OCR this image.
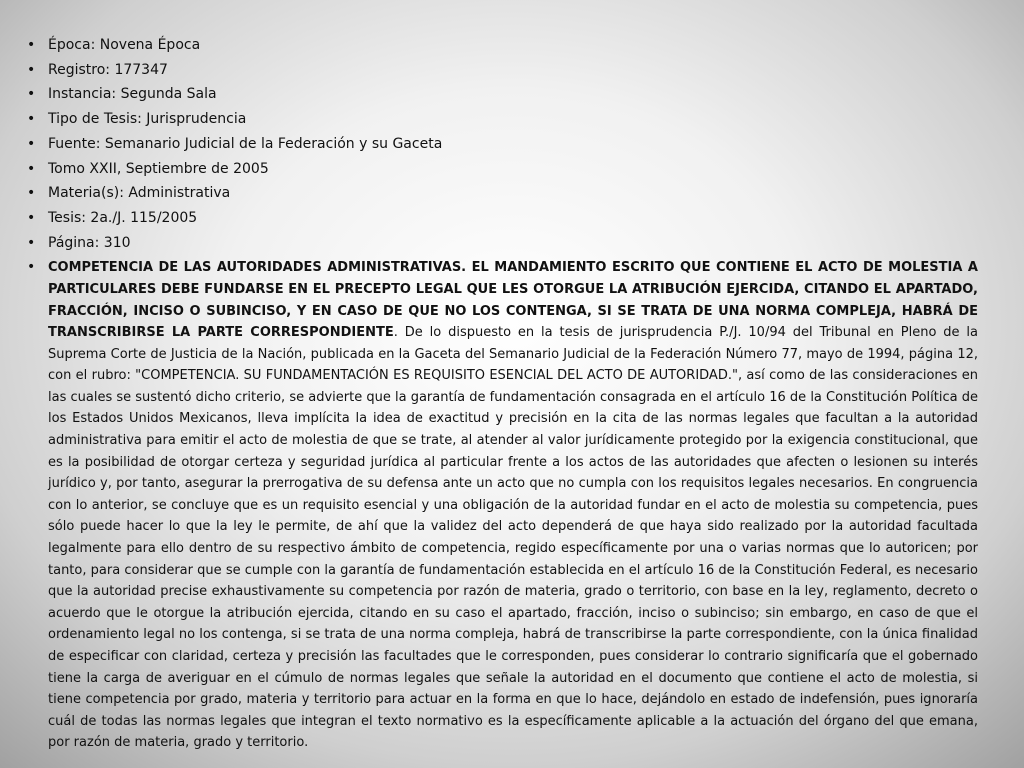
• Época: Novena Época
• Registro: 177347
• Instancia: Segunda Sala
• Tipo de Tesis: Jurisprudencia
• Fuente: Semanario Judicial de la Federación y su Gaceta
• Tomo XXII, Septiembre de 2005
• Materia(s): Administrativa
• Tesis: 2a./J. 115/2005
• Página: 310
• COMPETENCIA DE LAS AUTORIDADES ADMINISTRATIVAS. EL MANDAMIENTO ESCRITO QUE CONTIENE EL ACTO DE MOLESTIA A PARTICULARES DEBE FUNDARSE EN EL PRECEPTO LEGAL QUE LES OTORGUE LA ATRIBUCIÓN EJERCIDA, CITANDO EL APARTADO, FRACCIÓN, INCISO O SUBINCISO, Y EN CASO DE QUE NO LOS CONTENGA, SI SE TRATA DE UNA NORMA COMPLEJA, HABRÁ DE TRANSCRIBIRSE LA PARTE CORRESPONDIENTE. De lo dispuesto en la tesis de jurisprudencia P./J. 10/94 del Tribunal en Pleno de la Suprema Corte de Justicia de la Nación, publicada en la Gaceta del Semanario Judicial de la Federación Número 77, mayo de 1994, página 12, con el rubro: "COMPETENCIA. SU FUNDAMENTACIÓN ES REQUISITO ESENCIAL DEL ACTO DE AUTORIDAD.", así como de las consideraciones en las cuales se sustentó dicho criterio, se advierte que la garantía de fundamentación consagrada en el artículo 16 de la Constitución Política de los Estados Unidos Mexicanos, lleva implícita la idea de exactitud y precisión en la cita de las normas legales que facultan a la autoridad administrativa para emitir el acto de molestia de que se trate, al atender al valor jurídicamente protegido por la exigencia constitucional, que es la posibilidad de otorgar certeza y seguridad jurídica al particular frente a los actos de las autoridades que afecten o lesionen su interés jurídico y, por tanto, asegurar la prerrogativa de su defensa ante un acto que no cumpla con los requisitos legales necesarios. En congruencia con lo anterior, se concluye que es un requisito esencial y una obligación de la autoridad fundar en el acto de molestia su competencia, pues sólo puede hacer lo que la ley le permite, de ahí que la validez del acto dependerá de que haya sido realizado por la autoridad facultada legalmente para ello dentro de su respectivo ámbito de competencia, regido específicamente por una o varias normas que lo autoricen; por tanto, para considerar que se cumple con la garantía de fundamentación establecida en el artículo 16 de la Constitución Federal, es necesario que la autoridad precise exhaustivamente su competencia por razón de materia, grado o territorio, con base en la ley, reglamento, decreto o acuerdo que le otorgue la atribución ejercida, citando en su caso el apartado, fracción, inciso o subinciso; sin embargo, en caso de que el ordenamiento legal no los contenga, si se trata de una norma compleja, habrá de transcribirse la parte correspondiente, con la única finalidad de especificar con claridad, certeza y precisión las facultades que le corresponden, pues considerar lo contrario significaría que el gobernado tiene la carga de averiguar en el cúmulo de normas legales que señale la autoridad en el documento que contiene el acto de molestia, si tiene competencia por grado, materia y territorio para actuar en la forma en que lo hace, dejándolo en estado de indefensión, pues ignoraría cuál de todas las normas legales que integran el texto normativo es la específicamente aplicable a la actuación del órgano del que emana, por razón de materia, grado y territorio.
